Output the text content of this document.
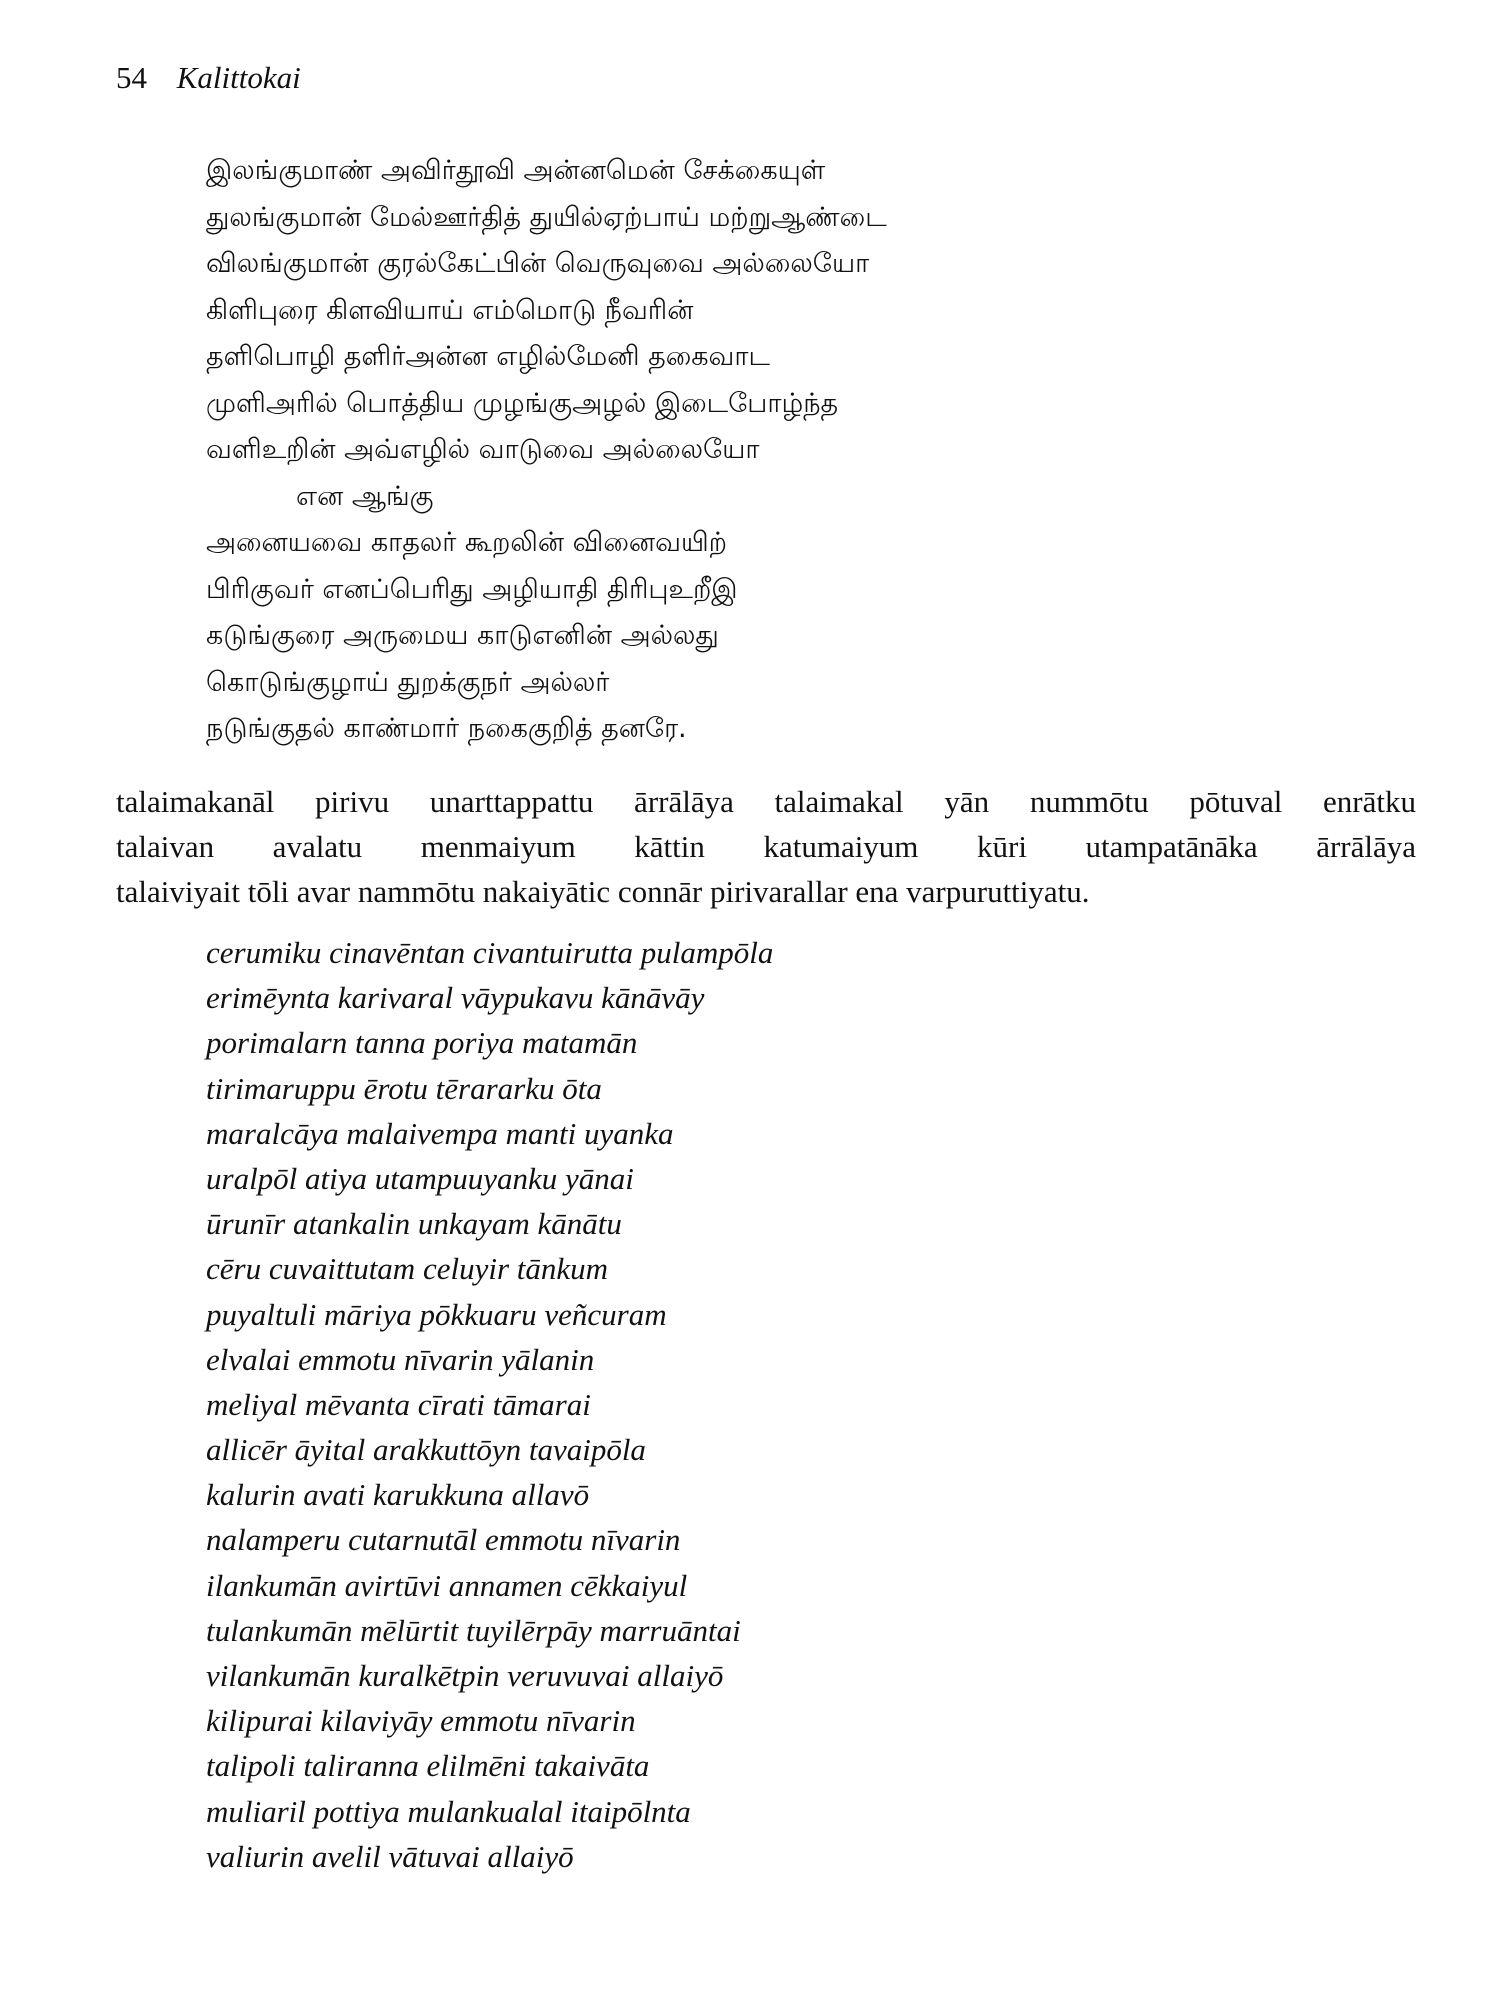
54 Kalittokai
இலங்குமாண் அவிர்தூவி அன்னமென் சேக்கையுள்
துலங்குமான் மேல்ஊர்தித் துயில்ஏற்பாய் மற்றுஆண்டை
விலங்குமான் குரல்கேட்பின் வெருவுவை அல்லையோ
கிளிபுரை கிளவியாய் எம்மொடு நீவரின்
தளிபொழி தளிர்அன்ன எழில்மேனி தகைவாட
முளிஅரில் பொத்திய முழங்குஅழல் இடைபோழ்ந்த
வளிஉறின் அவ்எழில் வாடுவை அல்லையோ
என ஆங்கு
அனையவை காதலர் கூறலின் வினைவயிற்
பிரிகுவர் எனப்பெரிது அழியாதி திரிபுஉறீஇ
கடுங்குரை அருமைய காடுஎனின் அல்லது
கொடுங்குழாய் துறக்குநர் அல்லர்
நடுங்குதல் காண்மார் நகைகுறித் தனரே.
talaimakanāl pirivu unarttappattu ārrālāya talaimakal yān nummōtu pōtuval enrātku
talaivan avalatu menmaiyum kāttin katumaiyum kūri utampatānāka ārrālāya
talaiviyait tōli avar nammōtu nakaiyātic connār pirivarallar ena varpuruttiyatu.
cerumiku cinavēntan civantuirutta pulampōla
erimēynta karivaral vāypukavu kānāvāy
porimalarn tanna poriya matamān
tirimaruppu ērotu tērararku ōta
maralcāya malaivempa manti uyanka
uralpōl atiya utampuuyanku yānai
ūrunīr atankalin unkayam kānātu
cēru cuvaittutam celuyir tānkum
puyaltuli māriya pōkkuaru veñcuram
elvalai emmotu nīvarin yālanin
meliyal mēvanta cīrati tāmarai
allicēr āyital arakkuttōyn tavaipōla
kalurin avati karukkuna allavō
nalamperu cutarnutāl emmotu nīvarin
ilankumān avirtūvi annamen cēkkaiyul
tulankumān mēlūrtit tuyilērpāy marruāntai
vilankumān kuralkētpin veruvuvai allaiyō
kilipurai kilaviyāy emmotu nīvarin
talipoli taliranna elilmēni takaivāta
muliaril pottiya mulankualal itaipōlnta
valiurin avelil vātuvai allaiyō
